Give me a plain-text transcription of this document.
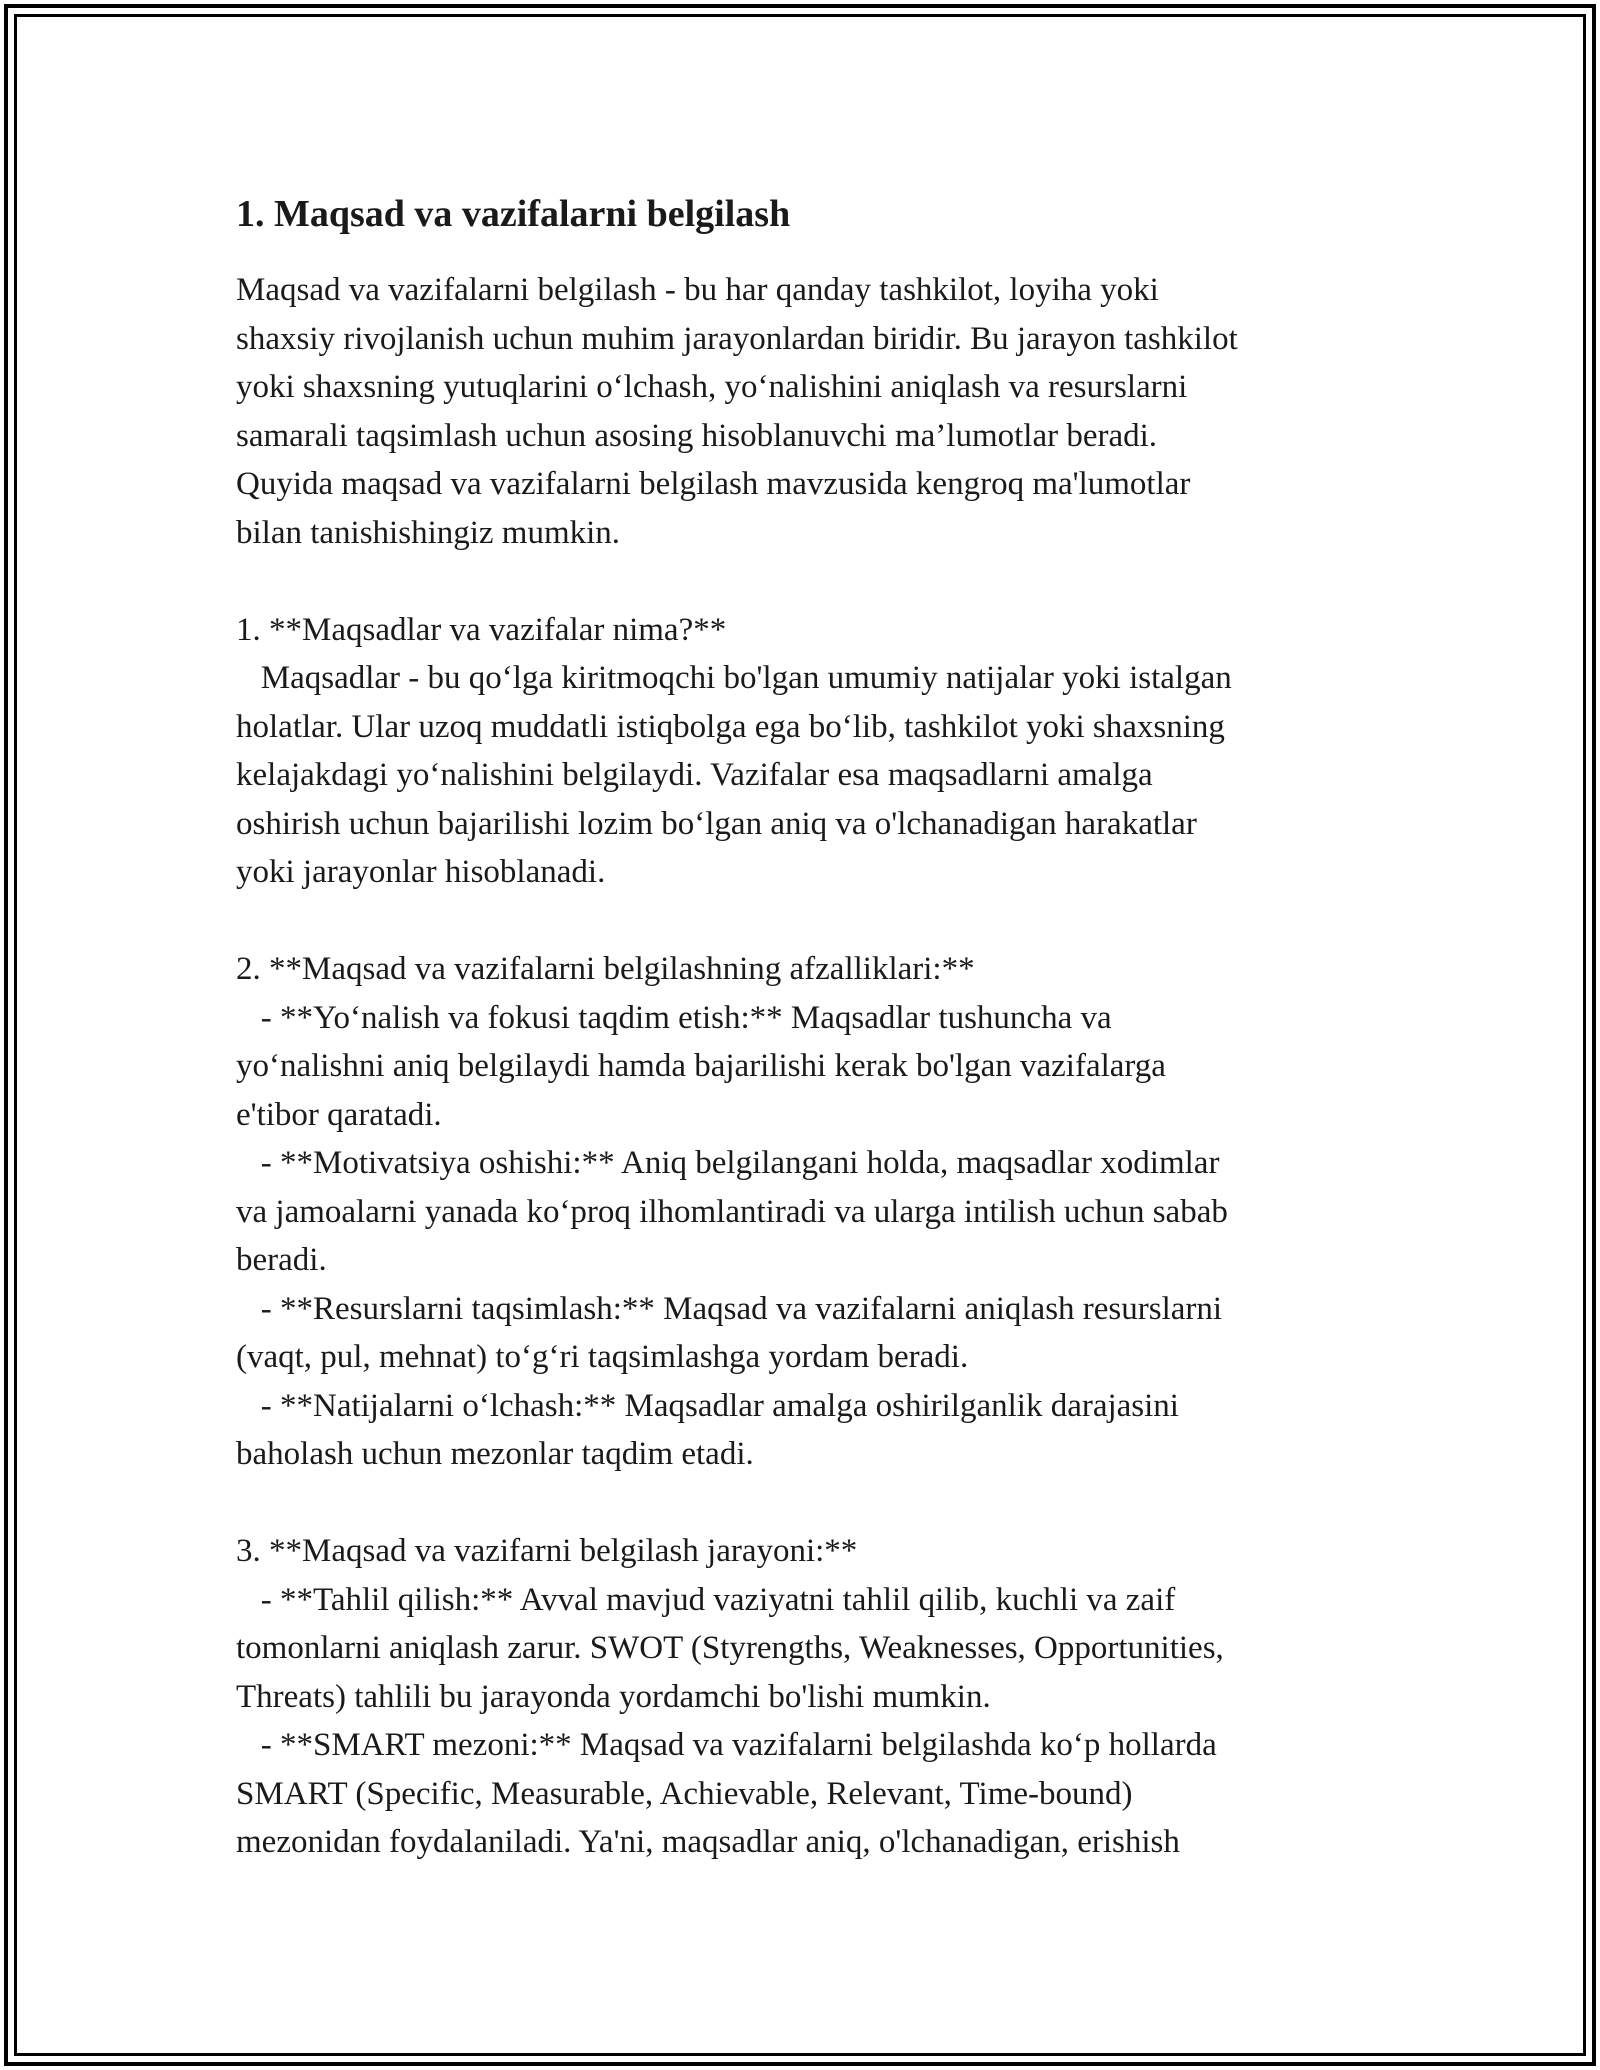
1. Maqsad va vazifalarni belgilash
Maqsad va vazifalarni belgilash - bu har qanday tashkilot, loyiha yoki
shaxsiy rivojlanish uchun muhim jarayonlardan biridir. Bu jarayon tashkilot
yoki shaxsning yutuqlarini o‘lchash, yo‘nalishini aniqlash va resurslarni
samarali taqsimlash uchun asosing hisoblanuvchi ma’lumotlar beradi.
Quyida maqsad va vazifalarni belgilash mavzusida kengroq ma'lumotlar
bilan tanishishingiz mumkin.
1. **Maqsadlar va vazifalar nima?**
Maqsadlar - bu qo‘lga kiritmoqchi bo'lgan umumiy natijalar yoki istalgan
holatlar. Ular uzoq muddatli istiqbolga ega bo‘lib, tashkilot yoki shaxsning
kelajakdagi yo‘nalishini belgilaydi. Vazifalar esa maqsadlarni amalga
oshirish uchun bajarilishi lozim bo‘lgan aniq va o'lchanadigan harakatlar
yoki jarayonlar hisoblanadi.
2. **Maqsad va vazifalarni belgilashning afzalliklari:**
- **Yo‘nalish va fokusi taqdim etish:** Maqsadlar tushuncha va
yo‘nalishni aniq belgilaydi hamda bajarilishi kerak bo'lgan vazifalarga
e'tibor qaratadi.
- **Motivatsiya oshishi:** Aniq belgilangani holda, maqsadlar xodimlar
va jamoalarni yanada ko‘proq ilhomlantiradi va ularga intilish uchun sabab
beradi.
- **Resurslarni taqsimlash:** Maqsad va vazifalarni aniqlash resurslarni
(vaqt, pul, mehnat) to‘g‘ri taqsimlashga yordam beradi.
- **Natijalarni o‘lchash:** Maqsadlar amalga oshirilganlik darajasini
baholash uchun mezonlar taqdim etadi.
3. **Maqsad va vazifarni belgilash jarayoni:**
- **Tahlil qilish:** Avval mavjud vaziyatni tahlil qilib, kuchli va zaif
tomonlarni aniqlash zarur. SWOT (Styrengths, Weaknesses, Opportunities,
Threats) tahlili bu jarayonda yordamchi bo'lishi mumkin.
- **SMART mezoni:** Maqsad va vazifalarni belgilashda ko‘p hollarda
SMART (Specific, Measurable, Achievable, Relevant, Time-bound)
mezonidan foydalaniladi. Ya'ni, maqsadlar aniq, o'lchanadigan, erishish
